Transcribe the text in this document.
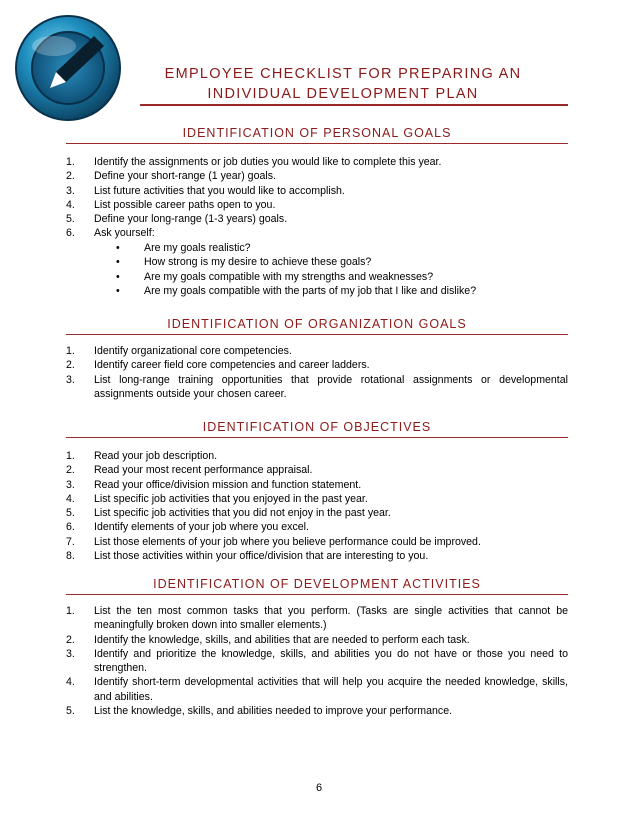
EMPLOYEE CHECKLIST FOR PREPARING AN
INDIVIDUAL DEVELOPMENT PLAN
IDENTIFICATION OF PERSONAL GOALS
1. Identify the assignments or job duties you would like to complete this year.
2. Define your short-range (1 year) goals.
3. List future activities that you would like to accomplish.
4. List possible career paths open to you.
5. Define your long-range (1-3 years) goals.
6. Ask yourself:
• Are my goals realistic?
• How strong is my desire to achieve these goals?
• Are my goals compatible with my strengths and weaknesses?
• Are my goals compatible with the parts of my job that I like and dislike?
IDENTIFICATION OF ORGANIZATION GOALS
1. Identify organizational core competencies.
2. Identify career field core competencies and career ladders.
3. List long-range training opportunities that provide rotational assignments or developmental assignments outside your chosen career.
IDENTIFICATION OF OBJECTIVES
1. Read your job description.
2. Read your most recent performance appraisal.
3. Read your office/division mission and function statement.
4. List specific job activities that you enjoyed in the past year.
5. List specific job activities that you did not enjoy in the past year.
6. Identify elements of your job where you excel.
7. List those elements of your job where you believe performance could be improved.
8. List those activities within your office/division that are interesting to you.
IDENTIFICATION OF DEVELOPMENT ACTIVITIES
1. List the ten most common tasks that you perform. (Tasks are single activities that cannot be meaningfully broken down into smaller elements.)
2. Identify the knowledge, skills, and abilities that are needed to perform each task.
3. Identify and prioritize the knowledge, skills, and abilities you do not have or those you need to strengthen.
4. Identify short-term developmental activities that will help you acquire the needed knowledge, skills, and abilities.
5. List the knowledge, skills, and abilities needed to improve your performance.
6
